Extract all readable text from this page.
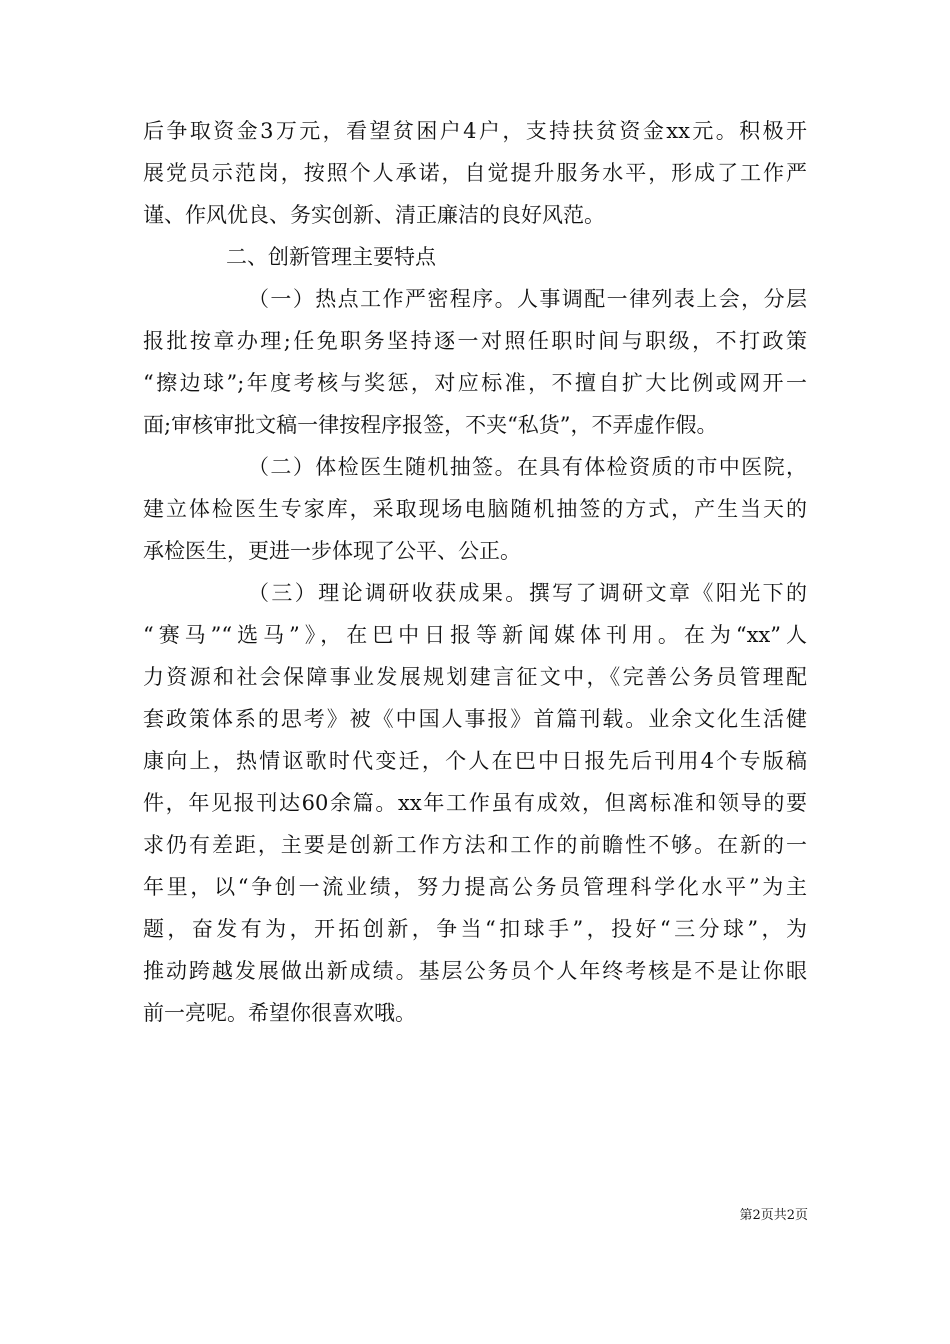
后争取资金3万元，看望贫困户4户，支持扶贫资金xx元。积极开
展党员示范岗，按照个人承诺，自觉提升服务水平，形成了工作严
谨、作风优良、务实创新、清正廉洁的良好风范。
二、创新管理主要特点
（一）热点工作严密程序。人事调配一律列表上会，分层
报批按章办理;任免职务坚持逐一对照任职时间与职级，不打政策
“擦边球”;年度考核与奖惩，对应标准，不擅自扩大比例或网开一
面;审核审批文稿一律按程序报签，不夹“私货”，不弄虚作假。
（二）体检医生随机抽签。在具有体检资质的市中医院，
建立体检医生专家库，采取现场电脑随机抽签的方式，产生当天的
承检医生，更进一步体现了公平、公正。
（三）理论调研收获成果。撰写了调研文章《阳光下的
“赛马”“选马”》，在巴中日报等新闻媒体刊用。在为“xx”人
力资源和社会保障事业发展规划建言征文中，《完善公务员管理配
套政策体系的思考》被《中国人事报》首篇刊载。业余文化生活健
康向上，热情讴歌时代变迁，个人在巴中日报先后刊用4个专版稿
件，年见报刊达60余篇。xx年工作虽有成效，但离标准和领导的要
求仍有差距，主要是创新工作方法和工作的前瞻性不够。在新的一
年里，以“争创一流业绩，努力提高公务员管理科学化水平”为主
题，奋发有为，开拓创新，争当“扣球手”，投好“三分球”，为
推动跨越发展做出新成绩。基层公务员个人年终考核是不是让你眼
前一亮呢。希望你很喜欢哦。
第2页共2页
